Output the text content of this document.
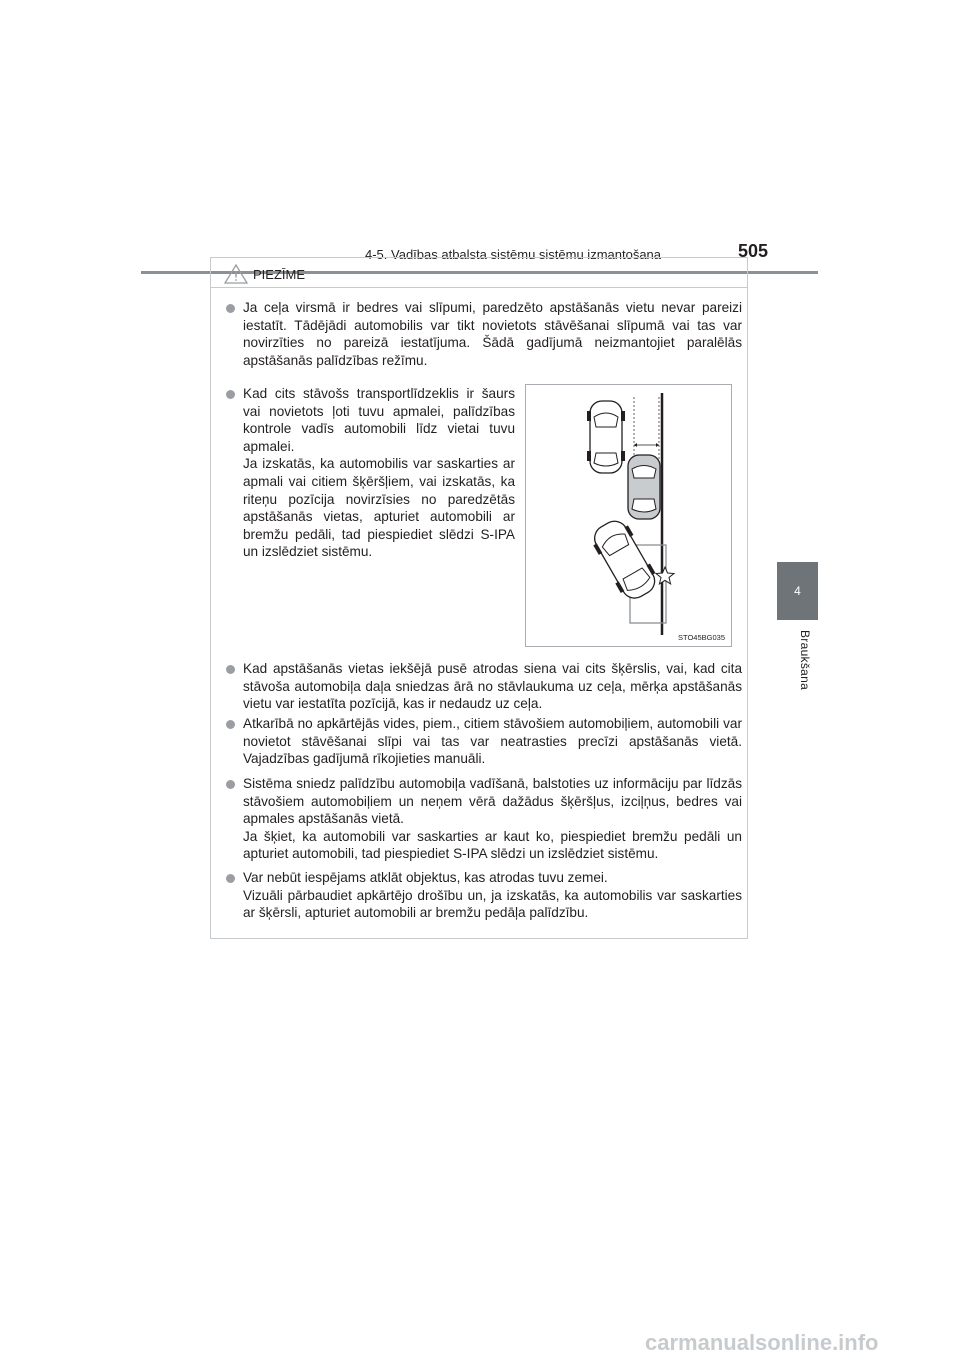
4-5. Vadības atbalsta sistēmu sistēmu izmantošana	505
4
Braukšana
PIEZĪME

Ja ceļa virsmā ir bedres vai slīpumi, paredzēto apstāšanās vietu nevar pareizi iestatīt. Tādējādi automobilis var tikt novietots stāvēšanai slīpumā vai tas var novirzīties no pareizā iestatījuma. Šādā gadījumā neizmantojiet paralēlās apstāšanās palīdzības režīmu.

Kad cits stāvošs transportlīdzeklis ir šaurs vai novietots ļoti tuvu apmalei, palīdzības kontrole vadīs automobili līdz vietai tuvu apmalei.

Ja izskatās, ka automobilis var saskarties ar apmali vai citiem šķēršļiem, vai izskatās, ka riteņu pozīcija novirzīsies no paredzētās apstāšanās vietas, apturiet automobili ar bremžu pedāli, tad piespiediet slēdzi S-IPA un izslēdziet sistēmu.

STO45BG035

Kad apstāšanās vietas iekšējā pusē atrodas siena vai cits šķērslis, vai, kad cita stāvoša automobiļa daļa sniedzas ārā no stāvlaukuma uz ceļa, mērķa apstāšanās vietu var iestatīta pozīcijā, kas ir nedaudz uz ceļa.

Atkarībā no apkārtējās vides, piem., citiem stāvošiem automobiļiem, automobili var novietot stāvēšanai slīpi vai tas var neatrasties precīzi apstāšanās vietā. Vajadzības gadījumā rīkojieties manuāli.

Sistēma sniedz palīdzību automobiļa vadīšanā, balstoties uz informāciju par līdzās stāvošiem automobiļiem un neņem vērā dažādus šķēršļus, izciļņus, bedres vai apmales apstāšanās vietā.

Ja šķiet, ka automobili var saskarties ar kaut ko, piespiediet bremžu pedāli un apturiet automobili, tad piespiediet S-IPA slēdzi un izslēdziet sistēmu.

Var nebūt iespējams atklāt objektus, kas atrodas tuvu zemei.

Vizuāli pārbaudiet apkārtējo drošību un, ja izskatās, ka automobilis var saskarties ar šķērsli, apturiet automobili ar bremžu pedāļa palīdzību.

carmanualsonline.info
